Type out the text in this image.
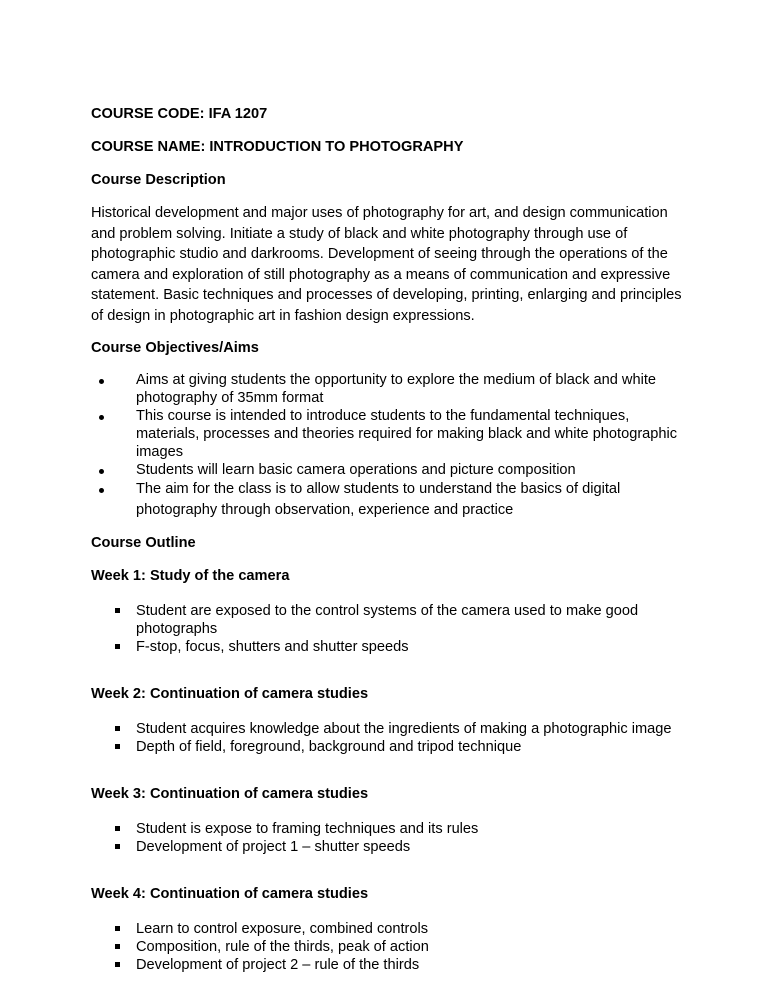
COURSE CODE: IFA 1207
COURSE NAME: INTRODUCTION TO PHOTOGRAPHY
Course Description
Historical development and major uses of photography for art, and design communication and problem solving. Initiate a study of black and white photography through use of photographic studio and darkrooms. Development of seeing through the operations of the camera and exploration of still photography as a means of communication and expressive statement. Basic techniques and processes of developing, printing, enlarging and principles of design in photographic art in fashion design expressions.
Course Objectives/Aims
Aims at giving students the opportunity to explore the medium of black and white photography of 35mm format
This course is intended to introduce students to the fundamental techniques, materials, processes and theories required for making black and white photographic images
Students will learn basic camera operations and picture composition
The aim for the class is to allow students to understand the basics of digital photography through observation, experience and practice
Course Outline
Week 1: Study of the camera
Student are exposed to the control systems of the camera used to make good photographs
F-stop, focus, shutters and shutter speeds
Week 2: Continuation of camera studies
Student acquires knowledge about the ingredients of making a photographic image
Depth of field, foreground, background and tripod technique
Week 3: Continuation of camera studies
Student is expose to framing techniques and its rules
Development of project 1 – shutter speeds
Week 4: Continuation of camera studies
Learn to control exposure, combined controls
Composition, rule of the thirds, peak of action
Development of project 2 – rule of the thirds
